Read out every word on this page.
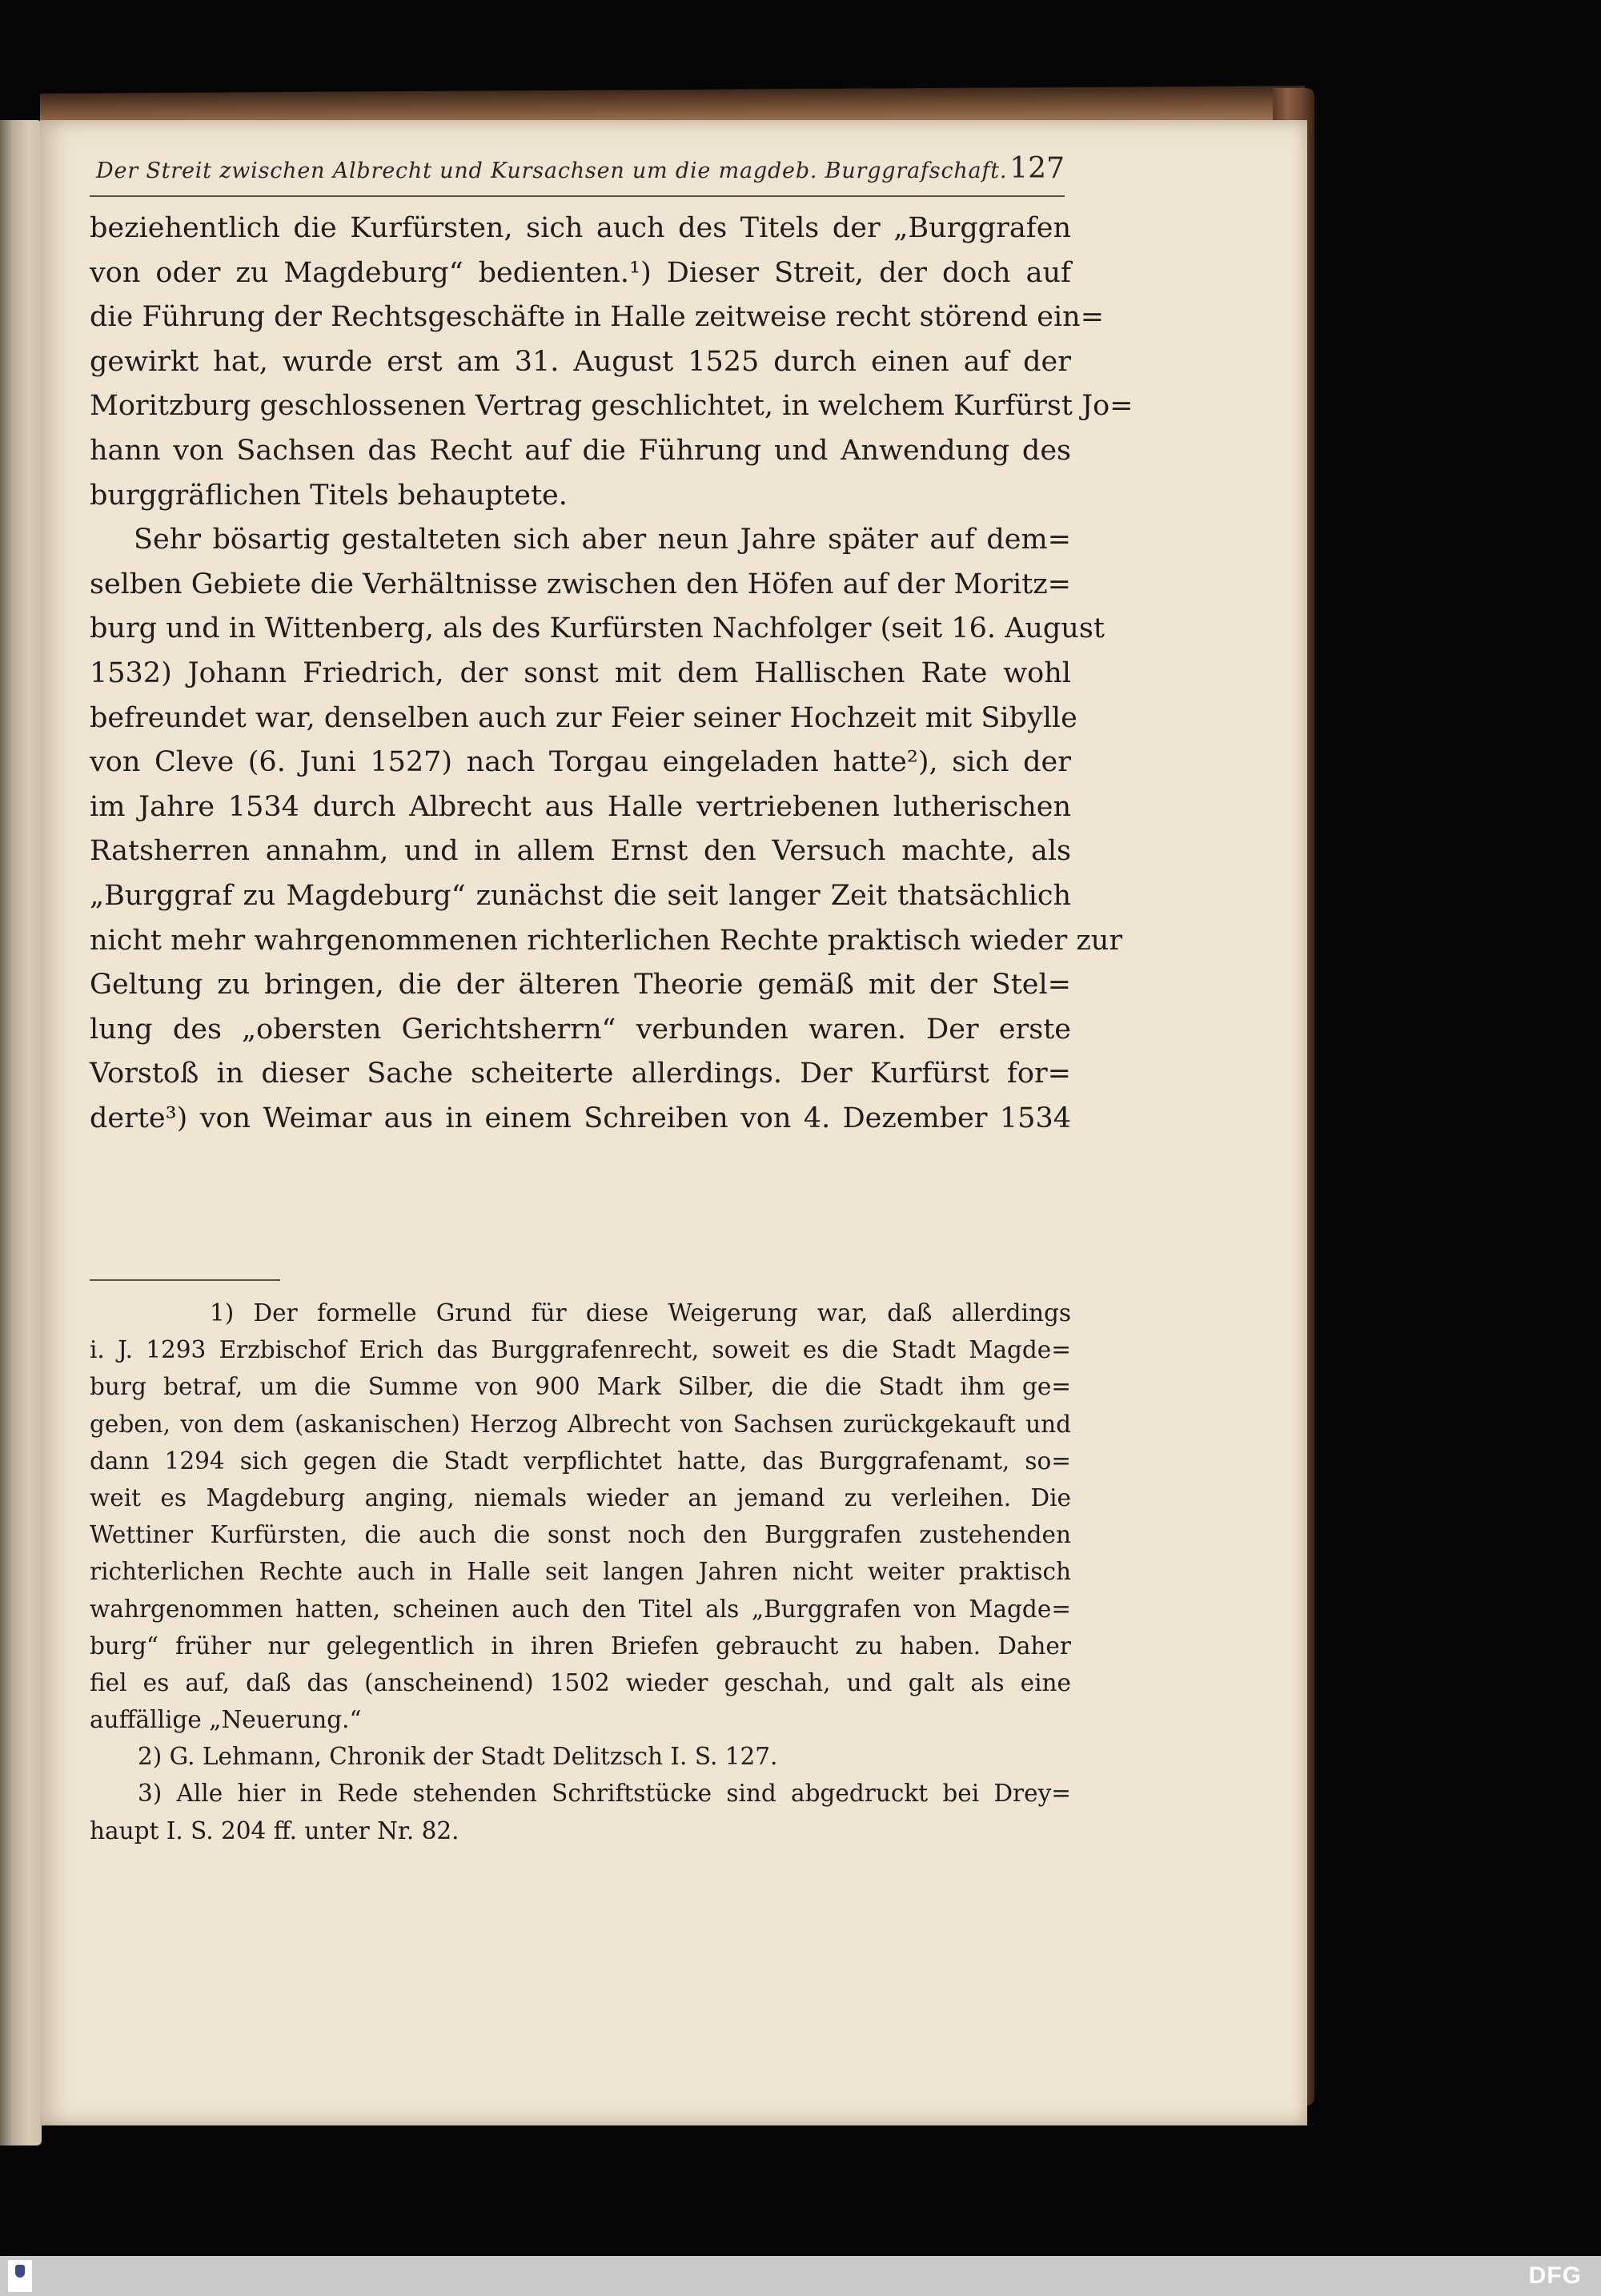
Der Streit zwischen Albrecht und Kursachsen um die magdeb. Burggrafschaft. 127
beziehentlich die Kurfürsten, sich auch des Titels der „Burggrafen
von oder zu Magdeburg“ bedienten.¹) Dieser Streit, der doch auf
die Führung der Rechtsgeschäfte in Halle zeitweise recht störend ein=
gewirkt hat, wurde erst am 31. August 1525 durch einen auf der
Moritzburg geschlossenen Vertrag geschlichtet, in welchem Kurfürst Jo=
hann von Sachsen das Recht auf die Führung und Anwendung des
burggräflichen Titels behauptete.
Sehr bösartig gestalteten sich aber neun Jahre später auf dem=
selben Gebiete die Verhältnisse zwischen den Höfen auf der Moritz=
burg und in Wittenberg, als des Kurfürsten Nachfolger (seit 16. August
1532) Johann Friedrich, der sonst mit dem Hallischen Rate wohl
befreundet war, denselben auch zur Feier seiner Hochzeit mit Sibylle
von Cleve (6. Juni 1527) nach Torgau eingeladen hatte²), sich der
im Jahre 1534 durch Albrecht aus Halle vertriebenen lutherischen
Ratsherren annahm, und in allem Ernst den Versuch machte, als
„Burggraf zu Magdeburg“ zunächst die seit langer Zeit thatsächlich
nicht mehr wahrgenommenen richterlichen Rechte praktisch wieder zur
Geltung zu bringen, die der älteren Theorie gemäß mit der Stel=
lung des „obersten Gerichtsherrn“ verbunden waren. Der erste
Vorstoß in dieser Sache scheiterte allerdings. Der Kurfürst for=
derte³) von Weimar aus in einem Schreiben von 4. Dezember 1534
1) Der formelle Grund für diese Weigerung war, daß allerdings
i. J. 1293 Erzbischof Erich das Burggrafenrecht, soweit es die Stadt Magde=
burg betraf, um die Summe von 900 Mark Silber, die die Stadt ihm ge=
geben, von dem (askanischen) Herzog Albrecht von Sachsen zurückgekauft und
dann 1294 sich gegen die Stadt verpflichtet hatte, das Burggrafenamt, so=
weit es Magdeburg anging, niemals wieder an jemand zu verleihen. Die
Wettiner Kurfürsten, die auch die sonst noch den Burggrafen zustehenden
richterlichen Rechte auch in Halle seit langen Jahren nicht weiter praktisch
wahrgenommen hatten, scheinen auch den Titel als „Burggrafen von Magde=
burg“ früher nur gelegentlich in ihren Briefen gebraucht zu haben. Daher
fiel es auf, daß das (anscheinend) 1502 wieder geschah, und galt als eine
auffällige „Neuerung.“
2) G. Lehmann, Chronik der Stadt Delitzsch I. S. 127.
3) Alle hier in Rede stehenden Schriftstücke sind abgedruckt bei Drey=
haupt I. S. 204 ff. unter Nr. 82.
DFG
